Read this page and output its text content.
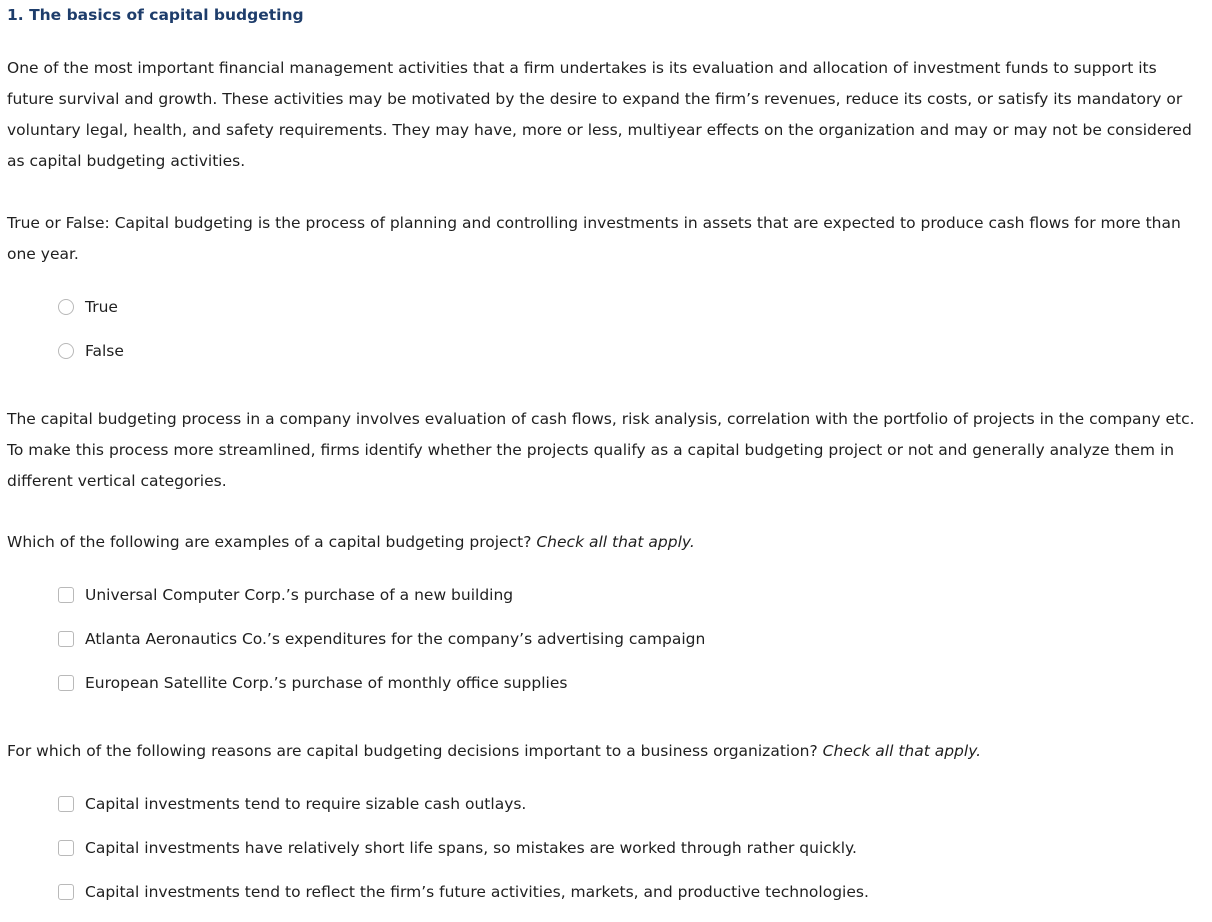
1. The basics of capital budgeting

One of the most important financial management activities that a firm undertakes is its evaluation and allocation of investment funds to support its future survival and growth. These activities may be motivated by the desire to expand the firm’s revenues, reduce its costs, or satisfy its mandatory or voluntary legal, health, and safety requirements. They may have, more or less, multiyear effects on the organization and may or may not be considered as capital budgeting activities.

True or False: Capital budgeting is the process of planning and controlling investments in assets that are expected to produce cash flows for more than one year.

True
False

The capital budgeting process in a company involves evaluation of cash flows, risk analysis, correlation with the portfolio of projects in the company etc. To make this process more streamlined, firms identify whether the projects qualify as a capital budgeting project or not and generally analyze them in different vertical categories.

Which of the following are examples of a capital budgeting project? Check all that apply.

Universal Computer Corp.’s purchase of a new building
Atlanta Aeronautics Co.’s expenditures for the company’s advertising campaign
European Satellite Corp.’s purchase of monthly office supplies

For which of the following reasons are capital budgeting decisions important to a business organization? Check all that apply.

Capital investments tend to require sizable cash outlays.
Capital investments have relatively short life spans, so mistakes are worked through rather quickly.
Capital investments tend to reflect the firm’s future activities, markets, and productive technologies.
